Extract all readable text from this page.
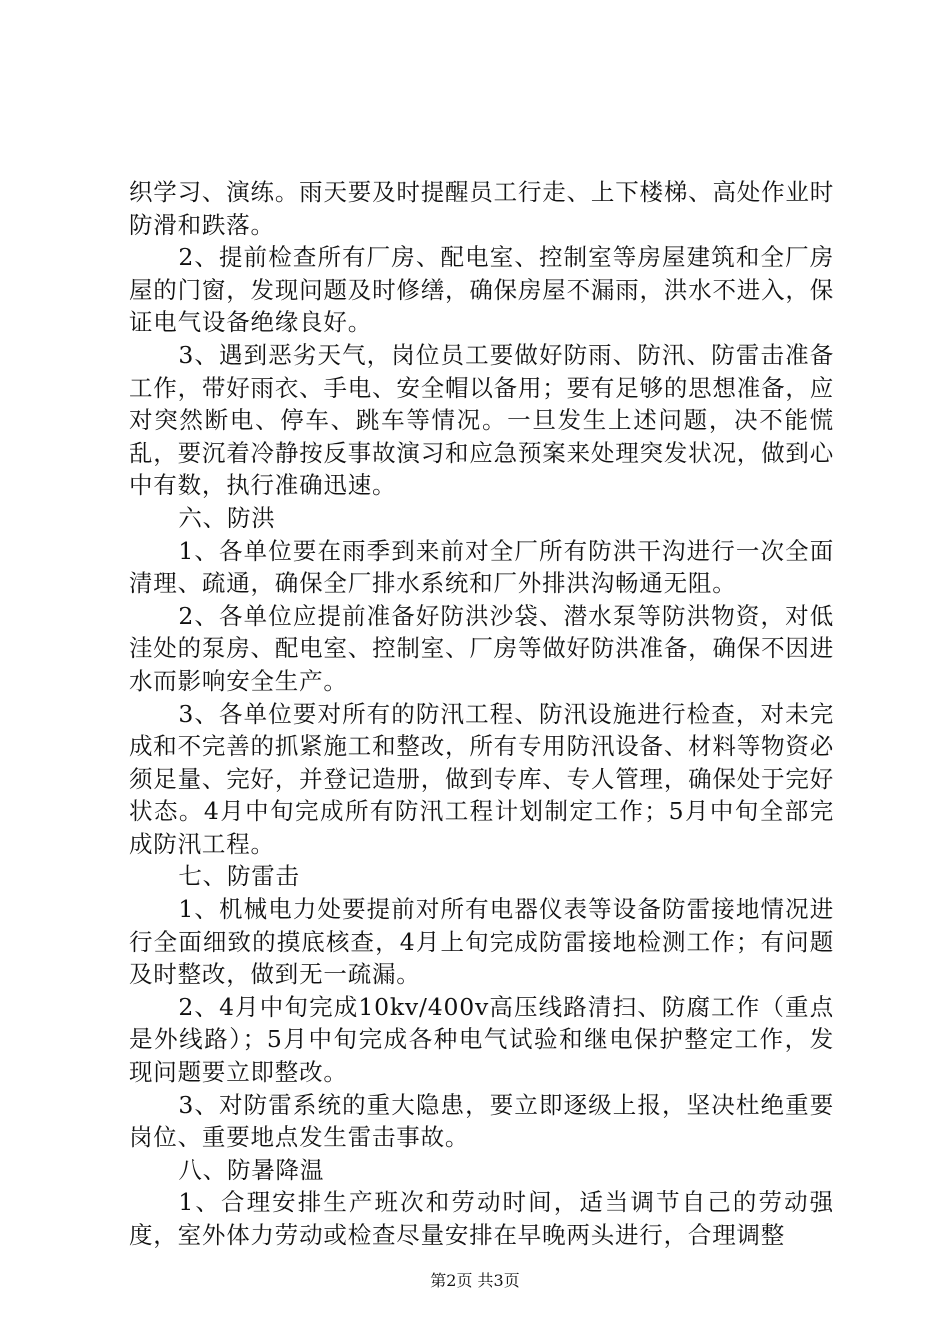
织学习、演练。雨天要及时提醒员工行走、上下楼梯、高处作业时防滑和跌落。

2、提前检查所有厂房、配电室、控制室等房屋建筑和全厂房屋的门窗，发现问题及时修缮，确保房屋不漏雨，洪水不进入，保证电气设备绝缘良好。

3、遇到恶劣天气，岗位员工要做好防雨、防汛、防雷击准备工作，带好雨衣、手电、安全帽以备用；要有足够的思想准备，应对突然断电、停车、跳车等情况。一旦发生上述问题，决不能慌乱，要沉着冷静按反事故演习和应急预案来处理突发状况，做到心中有数，执行准确迅速。

六、防洪

1、各单位要在雨季到来前对全厂所有防洪干沟进行一次全面清理、疏通，确保全厂排水系统和厂外排洪沟畅通无阻。

2、各单位应提前准备好防洪沙袋、潜水泵等防洪物资，对低洼处的泵房、配电室、控制室、厂房等做好防洪准备，确保不因进水而影响安全生产。

3、各单位要对所有的防汛工程、防汛设施进行检查，对未完成和不完善的抓紧施工和整改，所有专用防汛设备、材料等物资必须足量、完好，并登记造册，做到专库、专人管理，确保处于完好状态。4月中旬完成所有防汛工程计划制定工作；5月中旬全部完成防汛工程。

七、防雷击

1、机械电力处要提前对所有电器仪表等设备防雷接地情况进行全面细致的摸底核查，4月上旬完成防雷接地检测工作；有问题及时整改，做到无一疏漏。

2、4月中旬完成10kv/400v高压线路清扫、防腐工作（重点是外线路）；5月中旬完成各种电气试验和继电保护整定工作，发现问题要立即整改。

3、对防雷系统的重大隐患，要立即逐级上报，坚决杜绝重要岗位、重要地点发生雷击事故。

八、防暑降温

1、合理安排生产班次和劳动时间，适当调节自己的劳动强度，室外体力劳动或检查尽量安排在早晚两头进行，合理调整

第2页 共3页
